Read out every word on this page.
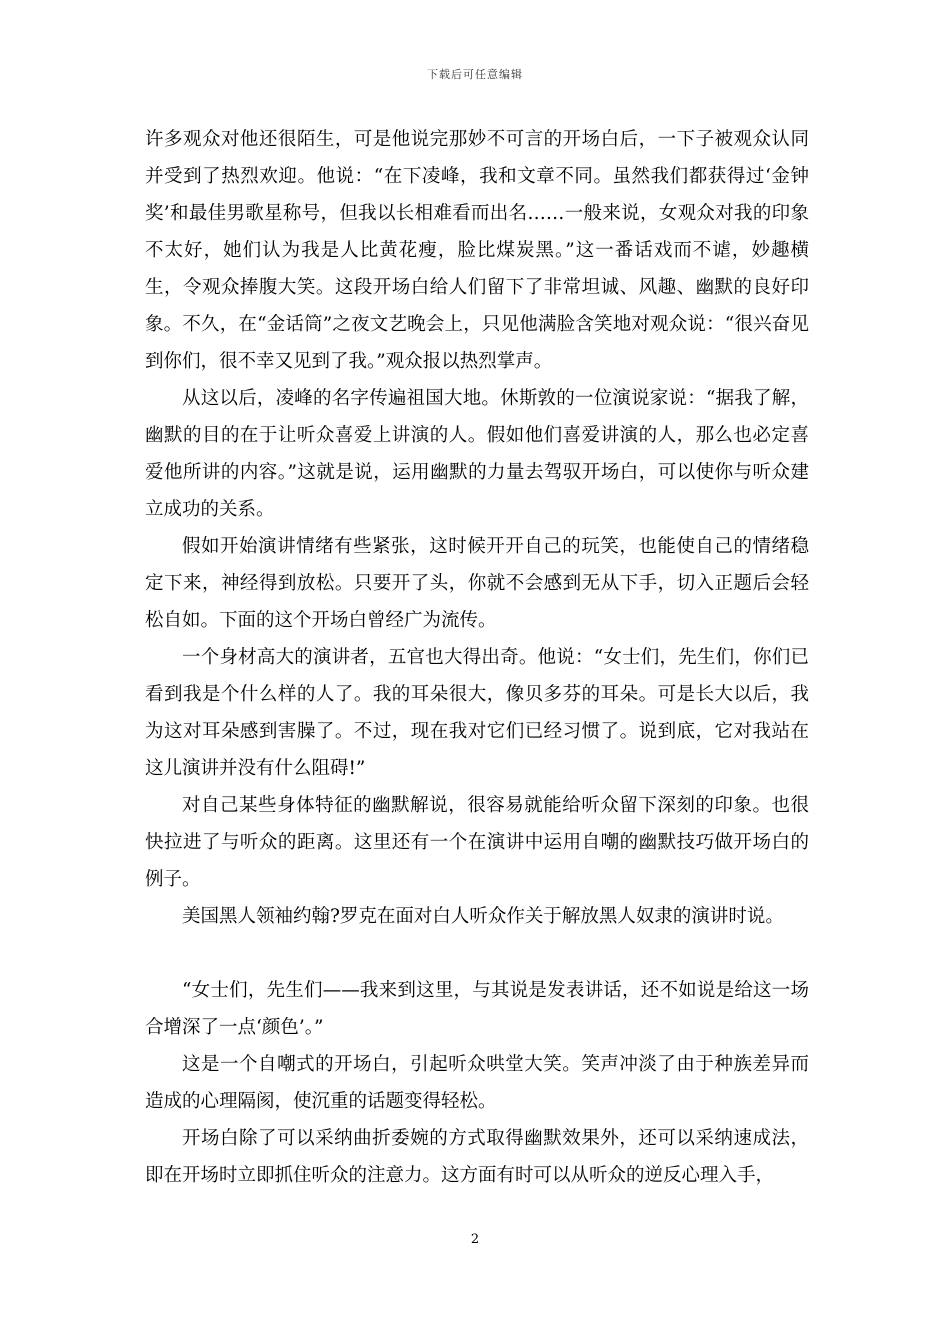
下载后可任意编辑

许多观众对他还很陌生，可是他说完那妙不可言的开场白后，一下子被观众认同并受到了热烈欢迎。他说：“在下凌峰，我和文章不同。虽然我们都获得过‘金钟奖’和最佳男歌星称号，但我以长相难看而出名……一般来说，女观众对我的印象不太好，她们认为我是人比黄花瘦，脸比煤炭黑。”这一番话戏而不谑，妙趣横生，令观众捧腹大笑。这段开场白给人们留下了非常坦诚、风趣、幽默的良好印象。不久，在“金话筒”之夜文艺晚会上，只见他满脸含笑地对观众说：“很兴奋见到你们，很不幸又见到了我。”观众报以热烈掌声。

从这以后，凌峰的名字传遍祖国大地。休斯敦的一位演说家说：“据我了解，幽默的目的在于让听众喜爱上讲演的人。假如他们喜爱讲演的人，那么也必定喜爱他所讲的内容。”这就是说，运用幽默的力量去驾驭开场白，可以使你与听众建立成功的关系。

假如开始演讲情绪有些紧张，这时候开开自己的玩笑，也能使自己的情绪稳定下来，神经得到放松。只要开了头，你就不会感到无从下手，切入正题后会轻松自如。下面的这个开场白曾经广为流传。

一个身材高大的演讲者，五官也大得出奇。他说：“女士们，先生们，你们已看到我是个什么样的人了。我的耳朵很大，像贝多芬的耳朵。可是长大以后，我为这对耳朵感到害臊了。不过，现在我对它们已经习惯了。说到底，它对我站在这儿演讲并没有什么阻碍!”

对自己某些身体特征的幽默解说，很容易就能给听众留下深刻的印象。也很快拉进了与听众的距离。这里还有一个在演讲中运用自嘲的幽默技巧做开场白的例子。

美国黑人领袖约翰?罗克在面对白人听众作关于解放黑人奴隶的演讲时说。

“女士们，先生们——我来到这里，与其说是发表讲话，还不如说是给这一场合增深了一点‘颜色’。”

这是一个自嘲式的开场白，引起听众哄堂大笑。笑声冲淡了由于种族差异而造成的心理隔阂，使沉重的话题变得轻松。

开场白除了可以采纳曲折委婉的方式取得幽默效果外，还可以采纳速成法，即在开场时立即抓住听众的注意力。这方面有时可以从听众的逆反心理入手，

2
